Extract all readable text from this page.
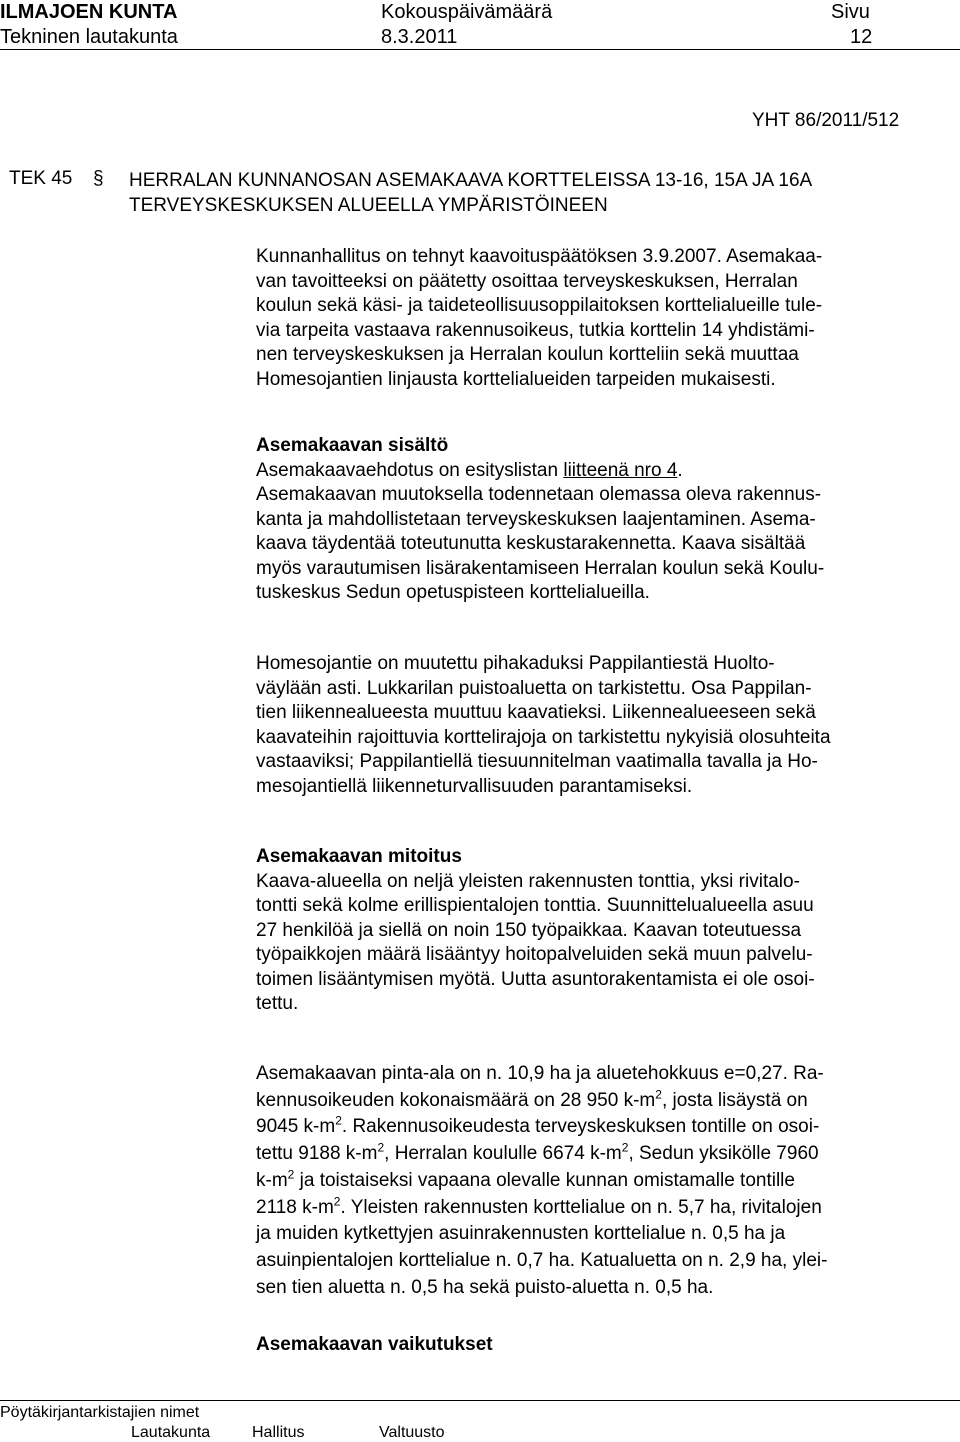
ILMAJOEN KUNTA
Tekninen lautakunta
Kokouspäivämäärä
8.3.2011
Sivu
12
YHT 86/2011/512
TEK 45 § HERRALAN KUNNANOSAN ASEMAKAAVA KORTTELEISSA 13-16, 15A JA 16A TERVEYSKESKUKSEN ALUEELLA YMPÄRISTÖINEEN

Kunnanhallitus on tehnyt kaavoituspäätöksen 3.9.2007. Asemakaa-

van tavoitteeksi on päätetty osoittaa terveyskeskuksen, Herralan

koulun sekä käsi- ja taideteollisuusoppilaitoksen korttelialueille tule-

via tarpeita vastaava rakennusoikeus, tutkia korttelin 14 yhdistämi-

nen terveyskeskuksen ja Herralan koulun kortteliin sekä muuttaa

Homesojantien linjausta korttelialueiden tarpeiden mukaisesti.

Asemakaavan sisältö

Asemakaavaehdotus on esityslistan liitteenä nro 4.

Asemakaavan muutoksella todennetaan olemassa oleva rakennus-

kanta ja mahdollistetaan terveyskeskuksen laajentaminen. Asema-

kaava täydentää toteutunutta keskustarakennetta. Kaava sisältää

myös varautumisen lisärakentamiseen Herralan koulun sekä Koulu-

tuskeskus Sedun opetuspisteen korttelialueilla.

Homesojantie on muutettu pihakaduksi Pappilantiestä Huolto-

väylään asti. Lukkarilan puistoaluetta on tarkistettu. Osa Pappilan-

tien liikennealueesta muuttuu kaavatieksi. Liikennealueeseen sekä

kaavateihin rajoittuvia korttelirajoja on tarkistettu nykyisiä olosuhteita

vastaaviksi; Pappilantiellä tiesuunnitelman vaatimalla tavalla ja Ho-

mesojantiellä liikenneturvallisuuden parantamiseksi.

Asemakaavan mitoitus

Kaava-alueella on neljä yleisten rakennusten tonttia, yksi rivitalo-

tontti sekä kolme erillispientalojen tonttia. Suunnittelualueella asuu

27 henkilöä ja siellä on noin 150 työpaikkaa. Kaavan toteutuessa

työpaikkojen määrä lisääntyy hoitopalveluiden sekä muun palvelu-

toimen lisääntymisen myötä. Uutta asuntorakentamista ei ole osoi-

tettu.

Asemakaavan pinta-ala on n. 10,9 ha ja aluetehokkuus e=0,27. Ra-

kennusoikeuden kokonaismäärä on 28 950 $k-m^2$, josta lisäystä on

9045 $k-m^2$. Rakennusoikeudesta terveyskeskuksen tontille on osoi-

tettu 9188 $k-m^2$, Herralan koululle 6674 $k-m^2$, Sedun yksikölle 7960

$k-m^2$ ja toistaiseksi vapaana olevalle kunnan omistamalle tontille

2118 $k-m^2$. Yleisten rakennusten korttelialue on n. 5,7 ha, rivitalojen

ja muiden kytkettyjen asuinrakennusten korttelialue n. 0,5 ha ja

asuinpientalojen korttelialue n. 0,7 ha. Katualuetta on n. 2,9 ha, ylei-

sen tien aluetta n. 0,5 ha sekä puisto-aluetta n. 0,5 ha.

Asemakaavan vaikutukset

Pöytäkirjantarkistajien nimet
Lautakunta	Hallitus	Valtuusto
